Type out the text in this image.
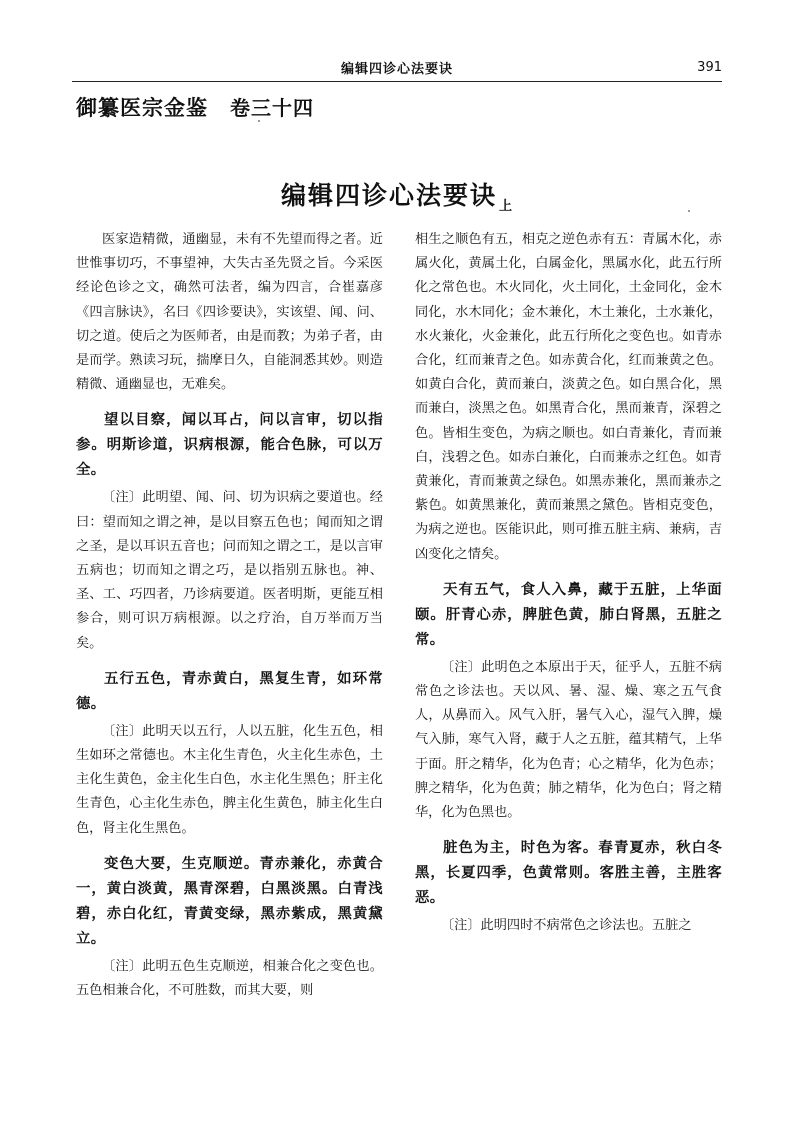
编辑四诊心法要诀	391
御纂医宗金鉴 卷三十四
编辑四诊心法要诀 $_上$

医家造精微，通幽显，未有不先望而得之者。近世惟事切巧，不事望神，大失古圣先贤之旨。今采医经论色诊之文，确然可法者，编为四言，合崔嘉彦《四言脉诀》，名曰《四诊要诀》，实该望、闻、问、切之道。使后之为医师者，由是而教；为弟子者，由是而学。熟读习玩，揣摩日久，自能洞悉其妙。则造精微、通幽显也，无难矣。

望以目察，闻以耳占，问以言审，切以指参。明斯诊道，识病根源，能合色脉，可以万全。

〔注〕此明望、闻、问、切为识病之要道也。经曰：望而知之谓之神，是以目察五色也；闻而知之谓之圣，是以耳识五音也；问而知之谓之工，是以言审五病也；切而知之谓之巧，是以指别五脉也。神、圣、工、巧四者，乃诊病要道。医者明斯，更能互相参合，则可识万病根源。以之疗治，自万举而万当矣。

五行五色，青赤黄白，黑复生青，如环常德。

〔注〕此明天以五行，人以五脏，化生五色，相生如环之常德也。木主化生青色，火主化生赤色，土主化生黄色，金主化生白色，水主化生黑色；肝主化生青色，心主化生赤色，脾主化生黄色，肺主化生白色，肾主化生黑色。

变色大要，生克顺逆。青赤兼化，赤黄合一，黄白淡黄，黑青深碧，白黑淡黑。白青浅碧，赤白化红，青黄变绿，黑赤紫成，黑黄黛立。

〔注〕此明五色生克顺逆，相兼合化之变色也。五色相兼合化，不可胜数，而其大要，则

相生之顺色有五，相克之逆色赤有五：青属木化，赤属火化，黄属土化，白属金化，黑属水化，此五行所化之常色也。木火同化，火土同化，土金同化，金木同化，水木同化；金木兼化，木土兼化，土水兼化，水火兼化，火金兼化，此五行所化之变色也。如青赤合化，红而兼青之色。如赤黄合化，红而兼黄之色。如黄白合化，黄而兼白，淡黄之色。如白黑合化，黑而兼白，淡黑之色。如黑青合化，黑而兼青，深碧之色。皆相生变色，为病之顺也。如白青兼化，青而兼白，浅碧之色。如赤白兼化，白而兼赤之红色。如青黄兼化，青而兼黄之绿色。如黑赤兼化，黑而兼赤之紫色。如黄黑兼化，黄而兼黑之黛色。皆相克变色，为病之逆也。医能识此，则可推五脏主病、兼病，吉凶变化之情矣。

天有五气，食人入鼻，藏于五脏，上华面颐。肝青心赤，脾脏色黄，肺白肾黑，五脏之常。

〔注〕此明色之本原出于天，征乎人，五脏不病常色之诊法也。天以风、暑、湿、燥、寒之五气食人，从鼻而入。风气入肝，暑气入心，湿气入脾，燥气入肺，寒气入肾，藏于人之五脏，蕴其精气，上华于面。肝之精华，化为色青；心之精华，化为色赤；脾之精华，化为色黄；肺之精华，化为色白；肾之精华，化为色黑也。

脏色为主，时色为客。春青夏赤，秋白冬黑，长夏四季，色黄常则。客胜主善，主胜客恶。

〔注〕此明四时不病常色之诊法也。五脏之
